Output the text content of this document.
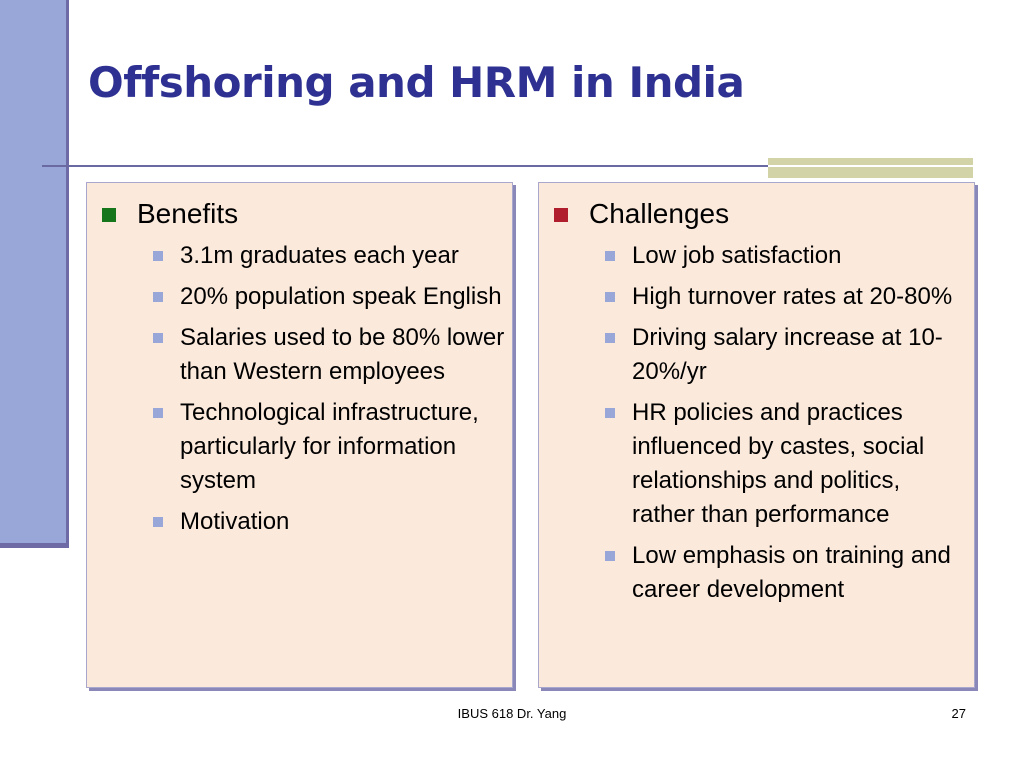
Offshoring and HRM in India
Benefits
3.1m graduates each year
20% population speak English
Salaries used to be 80% lower than Western employees
Technological infrastructure, particularly for information system
Motivation
Challenges
Low job satisfaction
High turnover rates at 20-80%
Driving salary increase at 10-20%/yr
HR policies and practices influenced by castes, social relationships and politics, rather than performance
Low emphasis on training and career development
IBUS 618 Dr. Yang	27
